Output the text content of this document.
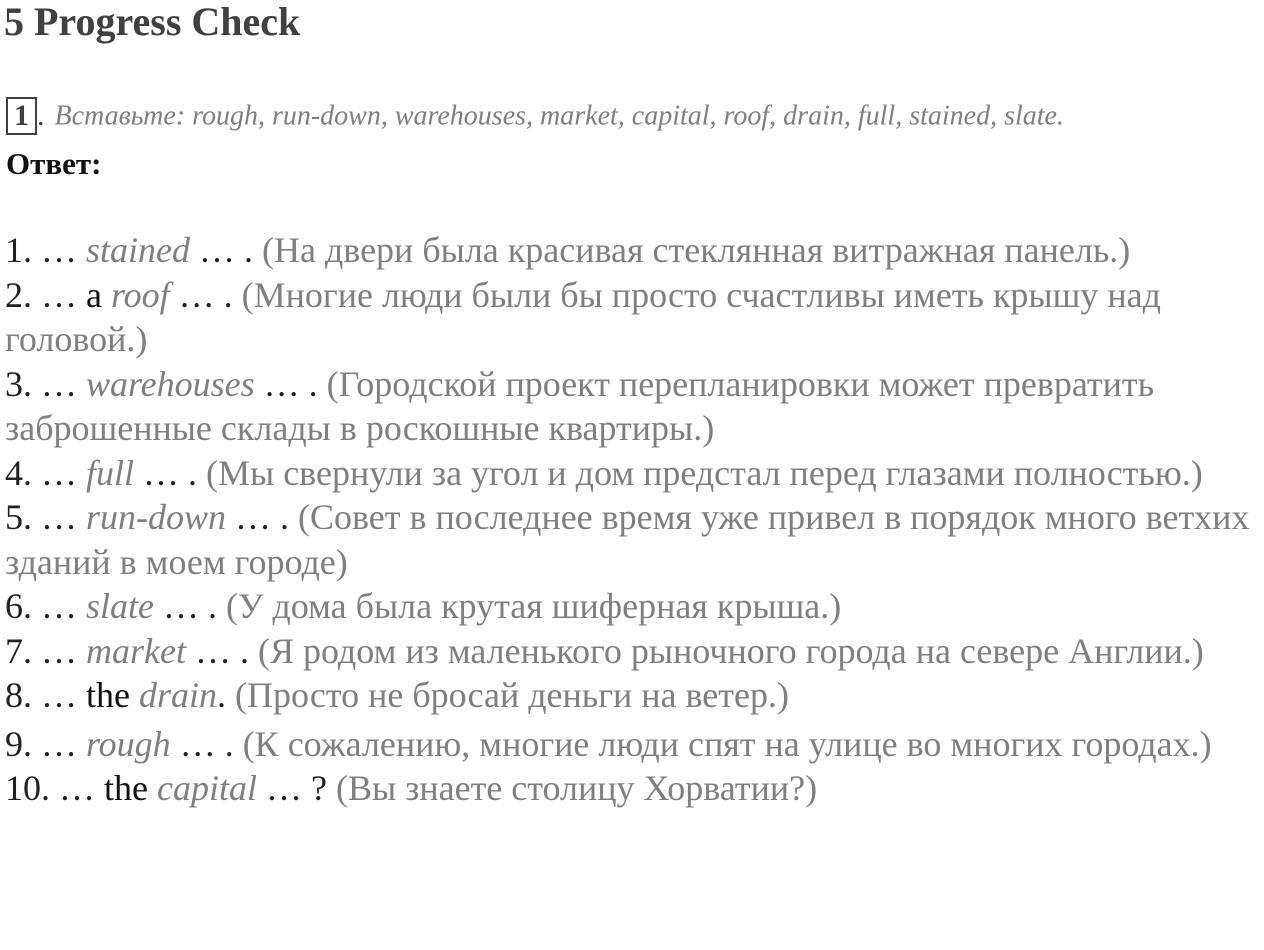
5 Progress Check
1 . Вставьте: rough, run-down, warehouses, market, capital, roof, drain, full, stained, slate.
Ответ:
1. … stained … . (На двери была красивая стеклянная витражная панель.)
2. … a roof … . (Многие люди были бы просто счастливы иметь крышу над головой.)
3. … warehouses … . (Городской проект перепланировки может превратить заброшенные склады в роскошные квартиры.)
4. … full … . (Мы свернули за угол и дом предстал перед глазами полностью.)
5. … run-down … . (Совет в последнее время уже привел в порядок много ветхих зданий в моем городе)
6. … slate … . (У дома была крутая шиферная крыша.)
7. … market … . (Я родом из маленького рыночного города на севере Англии.)
8. … the drain. (Просто не бросай деньги на ветер.)
9. … rough … . (К сожалению, многие люди спят на улице во многих городах.)
10. … the capital … ? (Вы знаете столицу Хорватии?)
